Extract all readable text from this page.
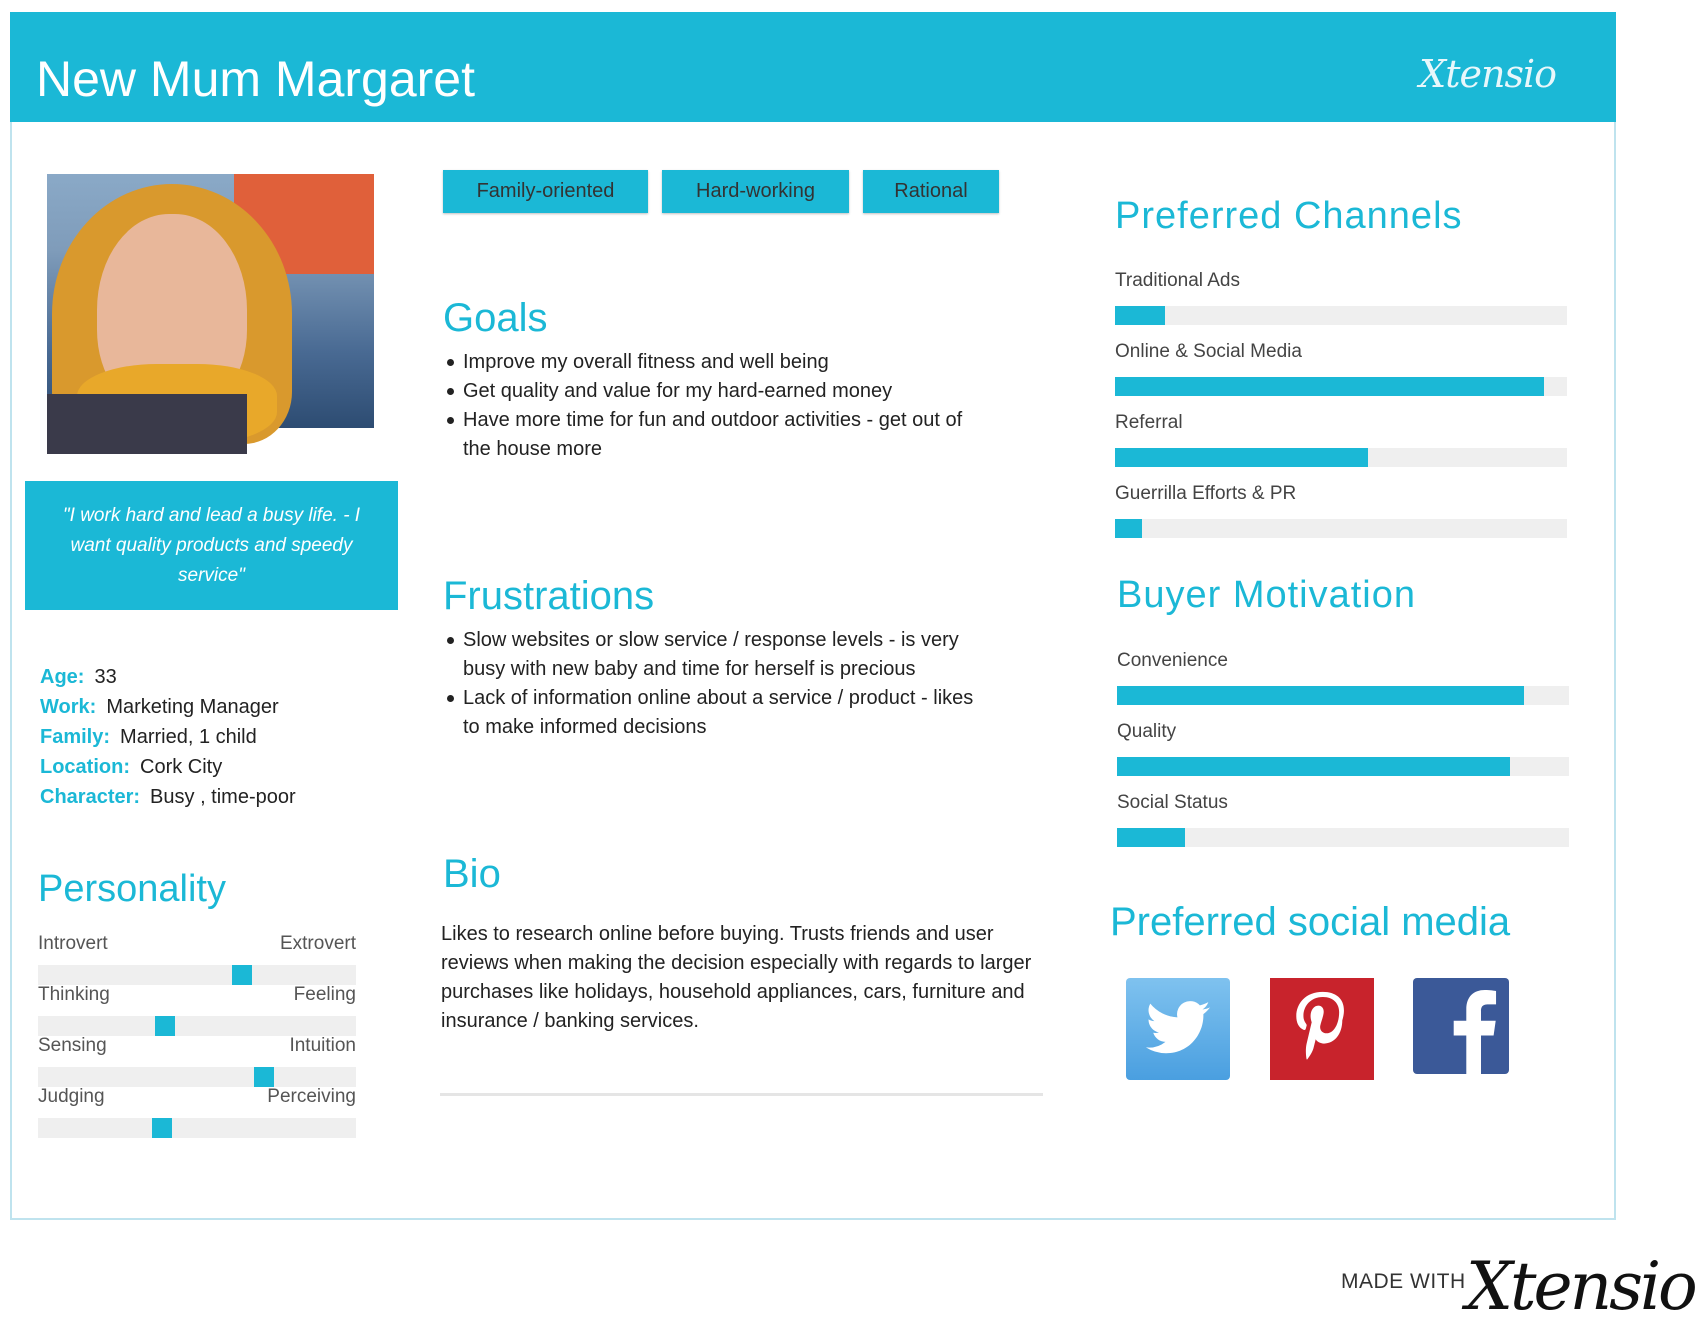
New Mum Margaret	Xtensio
"I work hard and lead a busy life. - I want quality products and speedy service"
Age: 33
Work: Marketing Manager
Family: Married, 1 child
Location: Cork City
Character: Busy , time-poor
Personality
Introvert	Extrovert
Thinking	Feeling
Sensing	Intuition
Judging	Perceiving
Family-oriented	Hard-working	Rational
Goals
Improve my overall fitness and well being
Get quality and value for my hard-earned money
Have more time for fun and outdoor activities - get out of the house more
Frustrations
Slow websites or slow service / response levels - is very busy with new baby and time for herself is precious
Lack of information online about a service / product - likes to make informed decisions
Bio
Likes to research online before buying. Trusts friends and user reviews when making the decision especially with regards to larger purchases like holidays, household appliances, cars, furniture and insurance / banking services.
Preferred Channels
Traditional Ads
Online & Social Media
Referral
Guerrilla Efforts & PR
Buyer Motivation
Convenience
Quality
Social Status
Preferred social media
MADE WITH Xtensio
